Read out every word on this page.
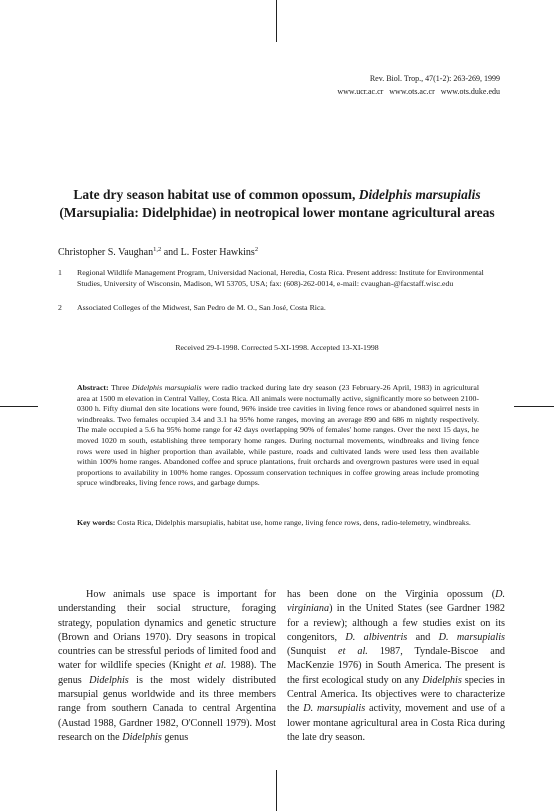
Rev. Biol. Trop., 47(1-2): 263-269, 1999
www.ucr.ac.cr   www.ots.ac.cr   www.ots.duke.edu
Late dry season habitat use of common opossum, Didelphis marsupialis
(Marsupialia: Didelphidae) in neotropical lower montane agricultural areas
Christopher S. Vaughan$^{1,2}$ and L. Foster Hawkins$^2$
1 Regional Wildlife Management Program, Universidad Nacional, Heredia, Costa Rica. Present address: Institute for Environmental Studies, University of Wisconsin, Madison, WI 53705, USA; fax: (608)-262-0014, e-mail: cvaughan-@facstaff.wisc.edu
2 Associated Colleges of the Midwest, San Pedro de M. O., San José, Costa Rica.
Received 29-I-1998. Corrected 5-XI-1998. Accepted 13-XI-1998
Abstract: Three Didelphis marsupialis were radio tracked during late dry season (23 February-26 April, 1983) in agricultural area at 1500 m elevation in Central Valley, Costa Rica. All animals were nocturnally active, significantly more so between 2100-0300 h. Fifty diurnal den site locations were found, 96% inside tree cavities in living fence rows or abandoned squirrel nests in windbreaks. Two females occupied 3.4 and 3.1 ha 95% home ranges, moving an average 890 and 686 m nightly respectively. The male occupied a 5.6 ha 95% home range for 42 days overlapping 90% of females' home ranges. Over the next 15 days, he moved 1020 m south, establishing three temporary home ranges. During nocturnal movements, windbreaks and living fence rows were used in higher proportion than available, while pasture, roads and cultivated lands were used less then available within 100% home ranges. Abandoned coffee and spruce plantations, fruit orchards and overgrown pastures were used in equal proportions to availability in 100% home ranges. Opossum conservation techniques in coffee growing areas include promoting spruce windbreaks, living fence rows, and garbage dumps.
Key words: Costa Rica, Didelphis marsupialis, habitat use, home range, living fence rows, dens, radio-telemetry, windbreaks.
How animals use space is important for understanding their social structure, foraging strategy, population dynamics and genetic structure (Brown and Orians 1970). Dry seasons in tropical countries can be stressful periods of limited food and water for wildlife species (Knight et al. 1988). The genus Didelphis is the most widely distributed marsupial genus worldwide and its three members range from southern Canada to central Argentina (Austad 1988, Gardner 1982, O'Connell 1979). Most research on the Didelphis genus
has been done on the Virginia opossum (D. virginiana) in the United States (see Gardner 1982 for a review); although a few studies exist on its congenitors, D. albiventris and D. marsupialis (Sunquist et al. 1987, Tyndale-Biscoe and MacKenzie 1976) in South America. The present is the first ecological study on any Didelphis species in Central America. Its objectives were to characterize the D. marsupialis activity, movement and use of a lower montane agricultural area in Costa Rica during the late dry season.
